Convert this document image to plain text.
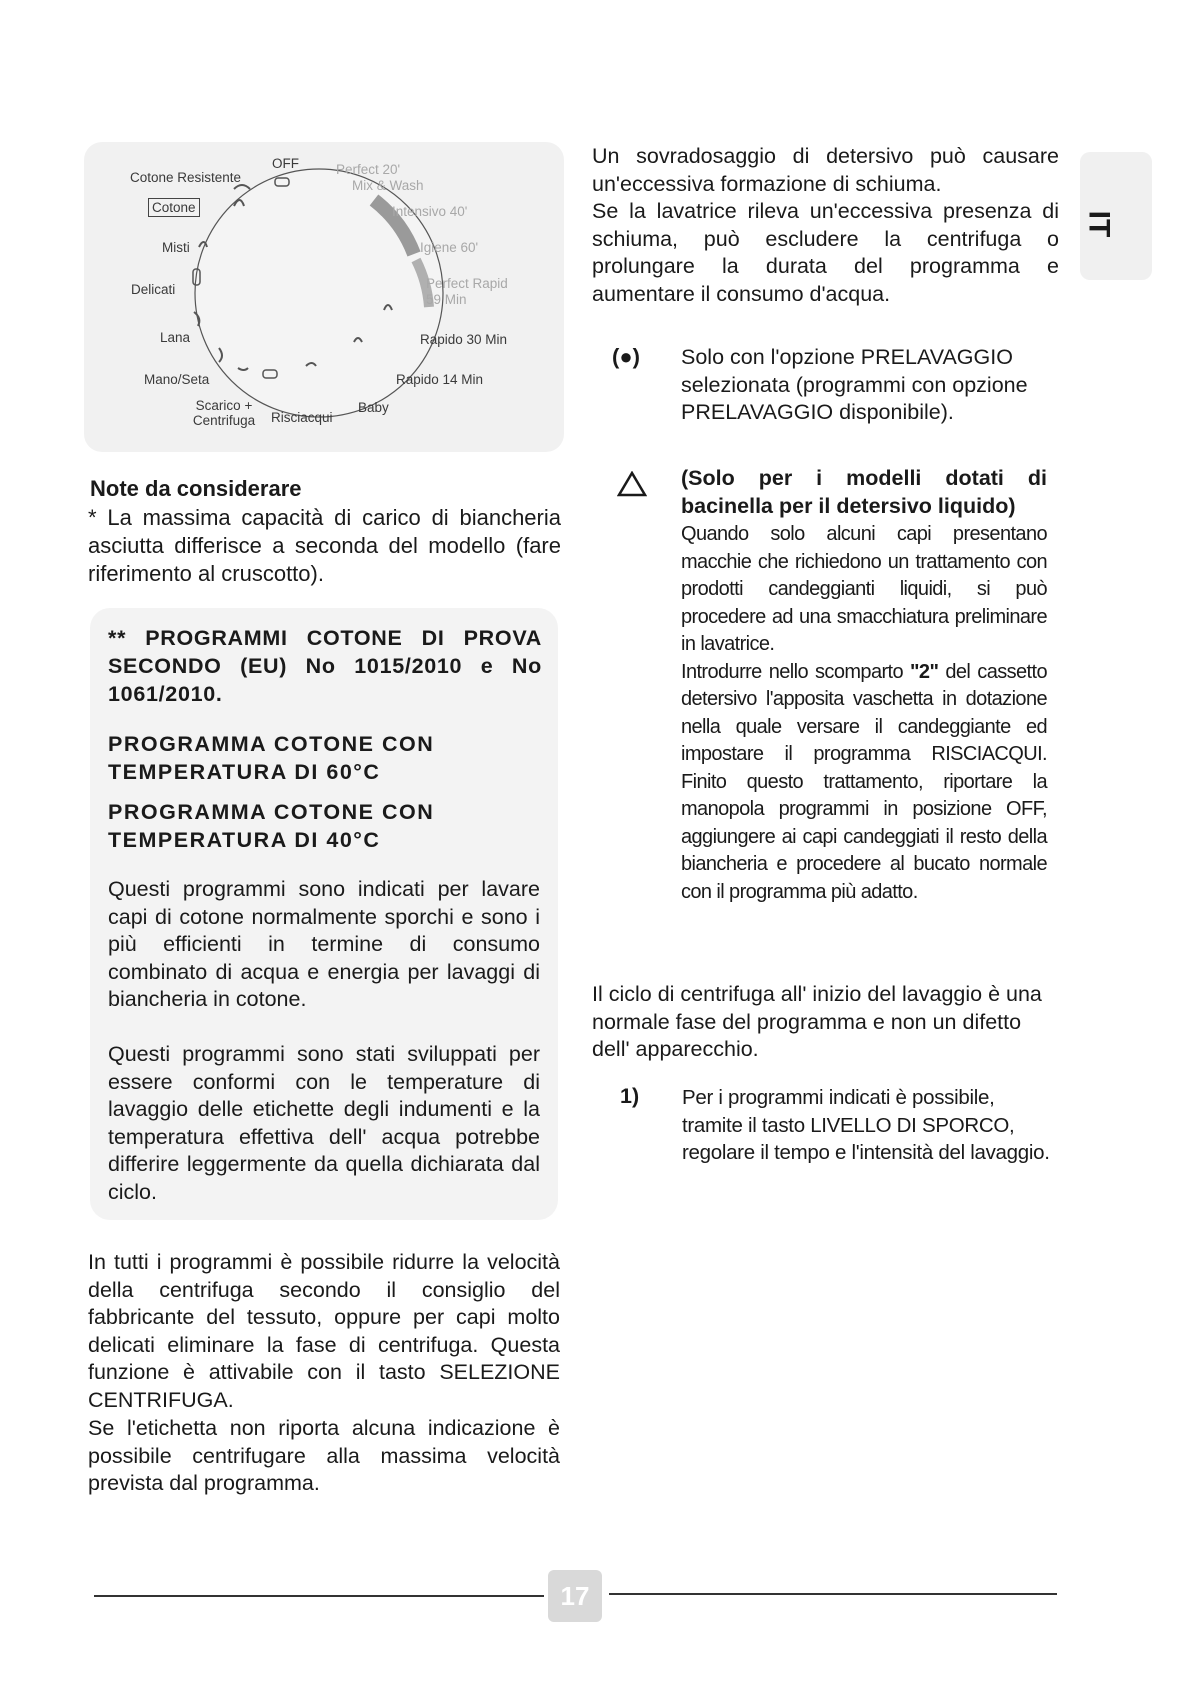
OFF
Cotone Resistente
Cotone
Misti
Delicati
Lana
Mano/Seta
Scarico + Centrifuga	Risciacqui
Baby
Perfect 20'
Mix & Wash
Intensivo 40'
Igiene 60'
Perfect Rapid
59 Min
Rapido 30 Min
Rapido 14 Min

Note da considerare

* La massima capacità di carico di biancheria asciutta differisce a seconda del modello (fare riferimento al cruscotto).

** PROGRAMMI COTONE DI PROVA SECONDO (EU) No 1015/2010 e No 1061/2010.

PROGRAMMA COTONE CON TEMPERATURA DI 60°C

PROGRAMMA COTONE CON TEMPERATURA DI 40°C

Questi programmi sono indicati per lavare capi di cotone normalmente sporchi e sono i più efficienti in termine di consumo combinato di acqua e energia per lavaggi di biancheria in cotone.

Questi programmi sono stati sviluppati per essere conformi con le temperature di lavaggio delle etichette degli indumenti e la temperatura effettiva dell' acqua potrebbe differire leggermente da quella dichiarata dal ciclo.

In tutti i programmi è possibile ridurre la velocità della centrifuga secondo il consiglio del fabbricante del tessuto, oppure per capi molto delicati eliminare la fase di centrifuga. Questa funzione è attivabile con il tasto SELEZIONE CENTRIFUGA.

Se l'etichetta non riporta alcuna indicazione è possibile centrifugare alla massima velocità prevista dal programma.

Un sovradosaggio di detersivo può causare un'eccessiva formazione di schiuma.

Se la lavatrice rileva un'eccessiva presenza di schiuma, può escludere la centrifuga o prolungare la durata del programma e aumentare il consumo d'acqua.

(●) Solo con l'opzione PRELAVAGGIO selezionata (programmi con opzione PRELAVAGGIO disponibile).

(Solo per i modelli dotati di bacinella per il detersivo liquido)

Quando solo alcuni capi presentano macchie che richiedono un trattamento con prodotti candeggianti liquidi, si può procedere ad una smacchiatura preliminare in lavatrice.

Introdurre nello scomparto "2" del cassetto detersivo l'apposita vaschetta in dotazione nella quale versare il candeggiante ed impostare il programma RISCIACQUI. Finito questo trattamento, riportare la manopola programmi in posizione OFF, aggiungere ai capi candeggiati il resto della biancheria e procedere al bucato normale con il programma più adatto.

Il ciclo di centrifuga all' inizio del lavaggio è una normale fase del programma e non un difetto dell' apparecchio.

1) Per i programmi indicati è possibile, tramite il tasto LIVELLO DI SPORCO, regolare il tempo e l'intensità del lavaggio.

IT
17
